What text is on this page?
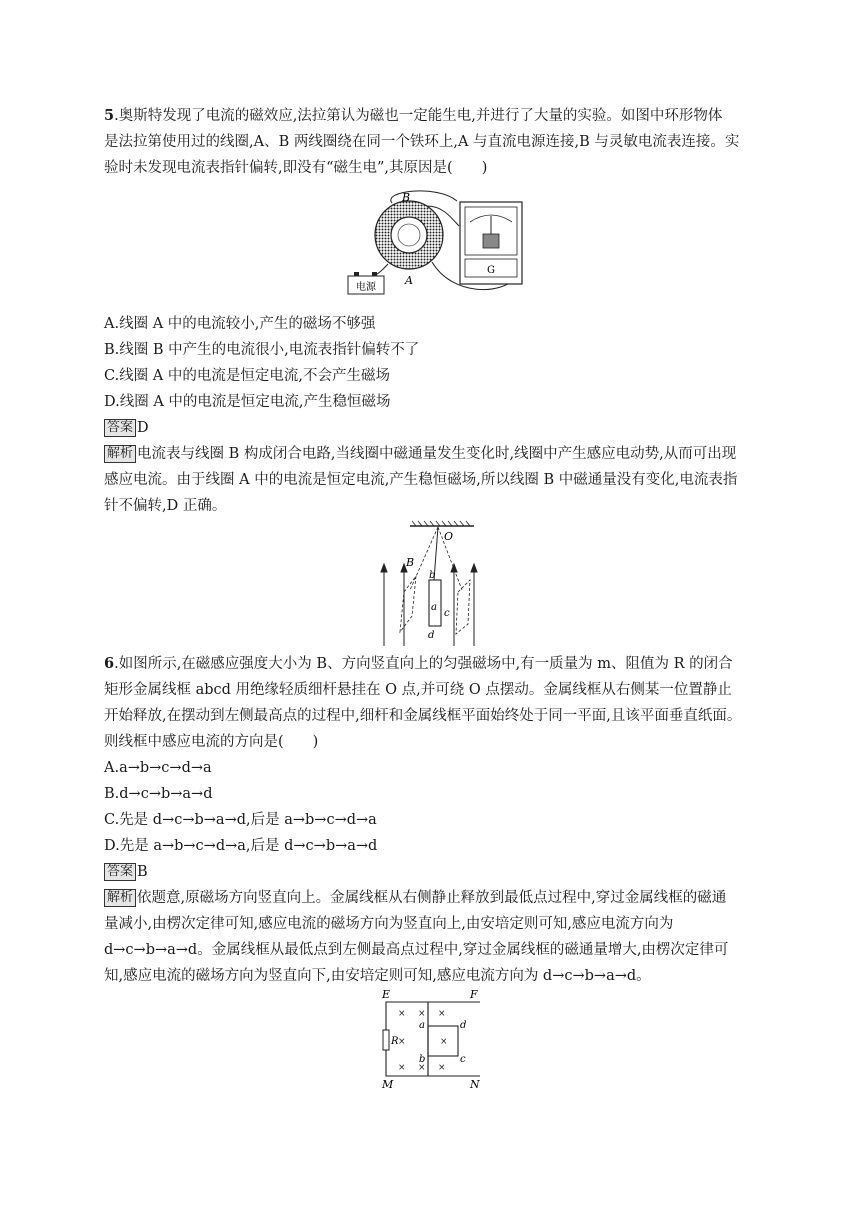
5.奥斯特发现了电流的磁效应,法拉第认为磁也一定能生电,并进行了大量的实验。如图中环形物体
是法拉第使用过的线圈,A、B 两线圈绕在同一个铁环上,A 与直流电源连接,B 与灵敏电流表连接。实
验时未发现电流表指针偏转,即没有“磁生电”,其原因是(　　)
电源
G
B
A
A.线圈 A 中的电流较小,产生的磁场不够强
B.线圈 B 中产生的电流很小,电流表指针偏转不了
C.线圈 A 中的电流是恒定电流,不会产生磁场
D.线圈 A 中的电流是恒定电流,产生稳恒磁场
答案 D
解析 电流表与线圈 B 构成闭合电路,当线圈中磁通量发生变化时,线圈中产生感应电动势,从而可出现
感应电流。由于线圈 A 中的电流是恒定电流,产生稳恒磁场,所以线圈 B 中磁通量没有变化,电流表指
针不偏转,D 正确。
O
B
a
d
c
b
6.如图所示,在磁感应强度大小为 B、方向竖直向上的匀强磁场中,有一质量为 m、阻值为 R 的闭合
矩形金属线框 abcd 用绝缘轻质细杆悬挂在 O 点,并可绕 O 点摆动。金属线框从右侧某一位置静止
开始释放,在摆动到左侧最高点的过程中,细杆和金属线框平面始终处于同一平面,且该平面垂直纸面。
则线框中感应电流的方向是(　　)
A.a→b→c→d→a
B.d→c→b→a→d
C.先是 d→c→b→a→d,后是 a→b→c→d→a
D.先是 a→b→c→d→a,后是 d→c→b→a→d
答案 B
解析 依题意,原磁场方向竖直向上。金属线框从右侧静止释放到最低点过程中,穿过金属线框的磁通
量减小,由楞次定律可知,感应电流的磁场方向为竖直向上,由安培定则可知,感应电流方向为
d→c→b→a→d。金属线框从最低点到左侧最高点过程中,穿过金属线框的磁通量增大,由楞次定律可
知,感应电流的磁场方向为竖直向下,由安培定则可知,感应电流方向为 d→c→b→a→d。
E	F
M	N
R
a
b	c
d
× × ×
×	×
× × ×
